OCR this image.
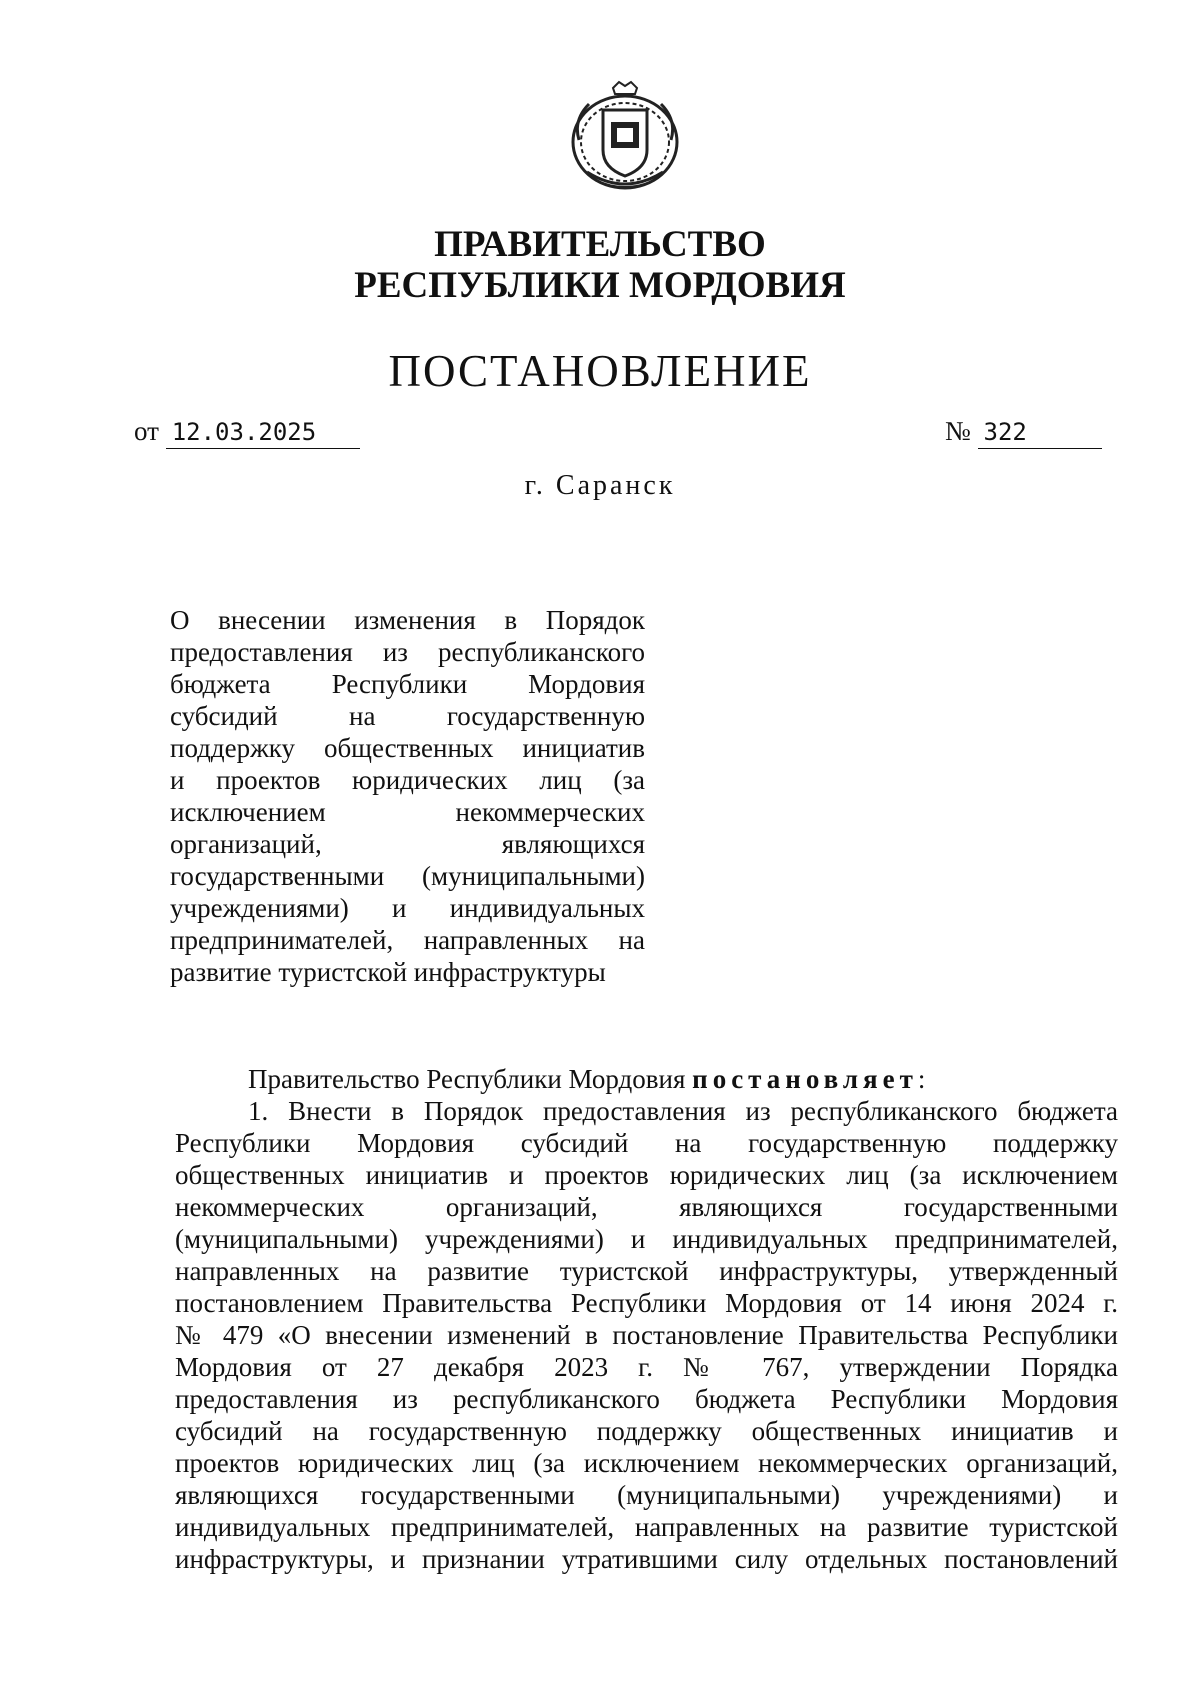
ПРАВИТЕЛЬСТВО
РЕСПУБЛИКИ МОРДОВИЯ
ПОСТАНОВЛЕНИЕ
от 12.03.2025	№ 322
г. Саранск
О внесении изменения в Порядок
предоставления из республиканского
бюджета Республики Мордовия
субсидий на государственную
поддержку общественных инициатив
и проектов юридических лиц (за
исключением некоммерческих
организаций, являющихся
государственными (муниципальными)
учреждениями) и индивидуальных
предпринимателей, направленных на
развитие туристской инфраструктуры
Правительство Республики Мордовия постановляет:
1. Внести в Порядок предоставления из республиканского бюджета
Республики Мордовия субсидий на государственную поддержку
общественных инициатив и проектов юридических лиц (за исключением
некоммерческих организаций, являющихся государственными
(муниципальными) учреждениями) и индивидуальных предпринимателей,
направленных на развитие туристской инфраструктуры, утвержденный
постановлением Правительства Республики Мордовия от 14 июня 2024 г.
№ 479 «О внесении изменений в постановление Правительства Республики
Мордовия от 27 декабря 2023 г. № 767, утверждении Порядка
предоставления из республиканского бюджета Республики Мордовия
субсидий на государственную поддержку общественных инициатив и
проектов юридических лиц (за исключением некоммерческих организаций,
являющихся государственными (муниципальными) учреждениями) и
индивидуальных предпринимателей, направленных на развитие туристской
инфраструктуры, и признании утратившими силу отдельных постановлений
